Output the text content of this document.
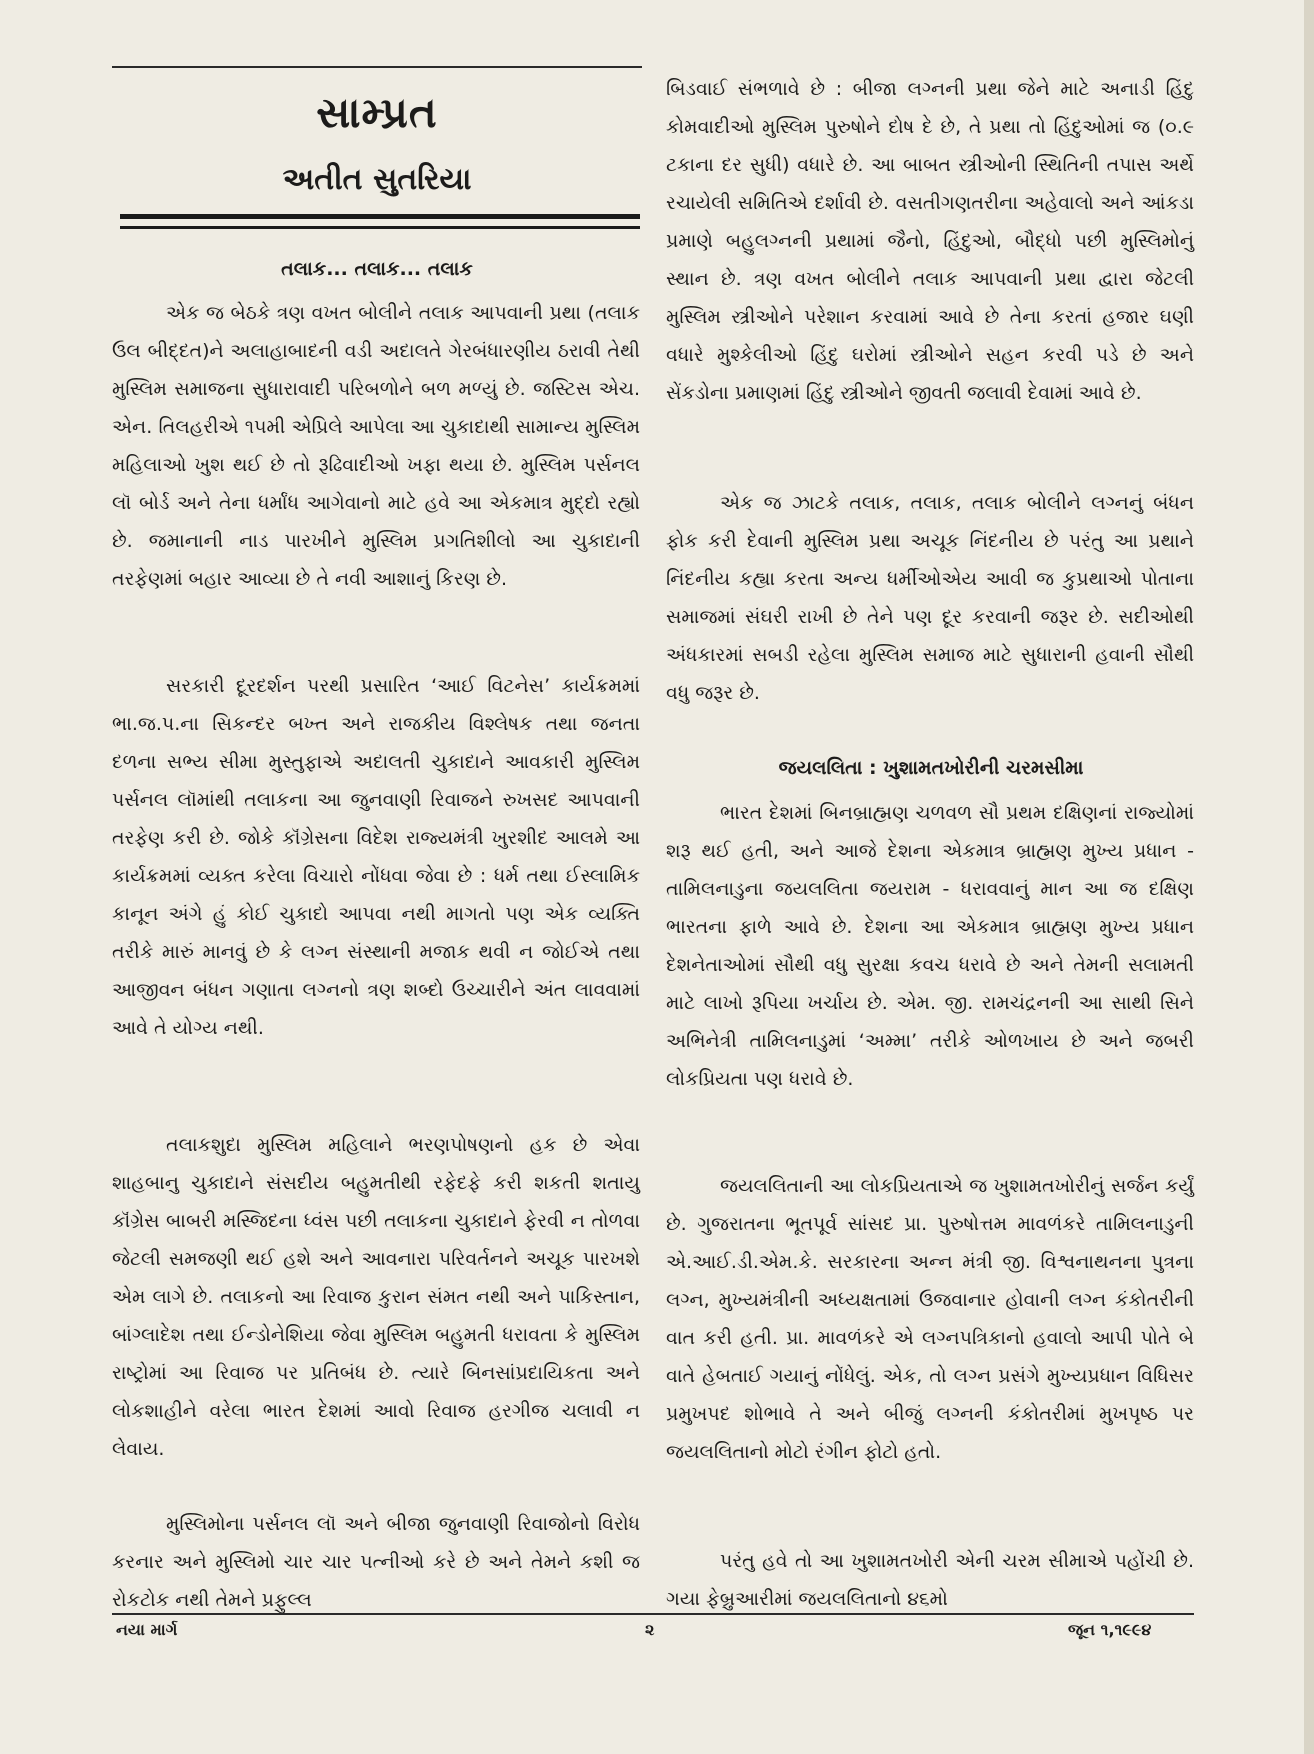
સામ્પ્રત
અતીત સુતરિયા
તલાક... તલાક... તલાક

એક જ બેઠકે ત્રણ વખત બોલીને તલાક આપવાની પ્રથા (તલાક ઉલ બીદ્દત)ને અલાહાબાદની વડી અદાલતે ગેરબંધારણીય ઠરાવી તેથી મુસ્લિમ સમાજના સુધારાવાદી પરિબળોને બળ મળ્યું છે. જસ્ટિસ એચ. એન. તિલહરીએ ૧૫મી એપ્રિલે આપેલા આ ચુકાદાથી સામાન્ય મુસ્લિમ મહિલાઓ ખુશ થઈ છે તો રૂઢિવાદીઓ ખફા થયા છે. મુસ્લિમ પર્સનલ લૉ બોર્ડ અને તેના ધર્માંધ આગેવાનો માટે હવે આ એકમાત્ર મુદ્દો રહ્યો છે. જમાનાની નાડ પારખીને મુસ્લિમ પ્રગતિશીલો આ ચુકાદાની તરફેણમાં બહાર આવ્યા છે તે નવી આશાનું કિરણ છે.

સરકારી દૂરદર્શન પરથી પ્રસારિત ‘આઈ વિટનેસ’ કાર્યક્રમમાં ભા.જ.પ.ના સિકન્દર બખ્ત અને રાજકીય વિશ્લેષક તથા જનતા દળના સભ્ય સીમા મુસ્તુફાએ અદાલતી ચુકાદાને આવકારી મુસ્લિમ પર્સનલ લૉમાંથી તલાકના આ જુનવાણી રિવાજને રુખસદ આપવાની તરફેણ કરી છે. જોકે કૉંગ્રેસના વિદેશ રાજ્યમંત્રી ખુરશીદ આલમે આ કાર્યક્રમમાં વ્યક્ત કરેલા વિચારો નોંધવા જેવા છે : ધર્મ તથા ઈસ્લામિક કાનૂન અંગે હું કોઈ ચુકાદો આપવા નથી માગતો પણ એક વ્યક્તિ તરીકે મારું માનવું છે કે લગ્ન સંસ્થાની મજાક થવી ન જોઈએ તથા આજીવન બંધન ગણાતા લગ્નનો ત્રણ શબ્દો ઉચ્ચારીને અંત લાવવામાં આવે તે યોગ્ય નથી.

તલાકશુદા મુસ્લિમ મહિલાને ભરણપોષણનો હક છે એવા શાહબાનુ ચુકાદાને સંસદીય બહુમતીથી રફેદફે કરી શકતી શતાયુ કૉંગ્રેસ બાબરી મસ્જિદના ધ્વંસ પછી તલાકના ચુકાદાને ફેરવી ન તોળવા જેટલી સમજણી થઈ હશે અને આવનારા પરિવર્તનને અચૂક પારખશે એમ લાગે છે. તલાકનો આ રિવાજ કુરાન સંમત નથી અને પાકિસ્તાન, બાંગ્લાદેશ તથા ઈન્ડોનેશિયા જેવા મુસ્લિમ બહુમતી ધરાવતા કે મુસ્લિમ રાષ્ટ્રોમાં આ રિવાજ પર પ્રતિબંધ છે. ત્યારે બિનસાંપ્રદાયિકતા અને લોકશાહીને વરેલા ભારત દેશમાં આવો રિવાજ હરગીજ ચલાવી ન લેવાય.

મુસ્લિમોના પર્સનલ લૉ અને બીજા જુનવાણી રિવાજોનો વિરોધ કરનાર અને મુસ્લિમો ચાર ચાર પત્નીઓ કરે છે અને તેમને કશી જ રોકટોક નથી તેમને પ્રફુલ્લ

બિડવાઈ સંભળાવે છે : બીજા લગ્નની પ્રથા જેને માટે અનાડી હિંદુ કોમવાદીઓ મુસ્લિમ પુરુષોને દોષ દે છે, તે પ્રથા તો હિંદુઓમાં જ (૦.૯ ટકાના દર સુધી) વધારે છે. આ બાબત સ્ત્રીઓની સ્થિતિની તપાસ અર્થે રચાયેલી સમિતિએ દર્શાવી છે. વસતીગણતરીના અહેવાલો અને આંકડા પ્રમાણે બહુલગ્નની પ્રથામાં જૈનો, હિંદુઓ, બૌદ્ધો પછી મુસ્લિમોનું સ્થાન છે. ત્રણ વખત બોલીને તલાક આપવાની પ્રથા દ્વારા જેટલી મુસ્લિમ સ્ત્રીઓને પરેશાન કરવામાં આવે છે તેના કરતાં હજાર ઘણી વધારે મુશ્કેલીઓ હિંદુ ઘરોમાં સ્ત્રીઓને સહન કરવી પડે છે અને સેંકડોના પ્રમાણમાં હિંદુ સ્ત્રીઓને જીવતી જલાવી દેવામાં આવે છે.

એક જ ઝાટકે તલાક, તલાક, તલાક બોલીને લગ્નનું બંધન ફોક કરી દેવાની મુસ્લિમ પ્રથા અચૂક નિંદનીય છે પરંતુ આ પ્રથાને નિંદનીય કહ્યા કરતા અન્ય ધર્મીઓએય આવી જ કુપ્રથાઓ પોતાના સમાજમાં સંઘરી રાખી છે તેને પણ દૂર કરવાની જરૂર છે. સદીઓથી અંધકારમાં સબડી રહેલા મુસ્લિમ સમાજ માટે સુધારાની હવાની સૌથી વધુ જરૂર છે.

જયલલિતા : ખુશામતખોરીની ચરમસીમા

ભારત દેશમાં બિનબ્રાહ્મણ ચળવળ સૌ પ્રથમ દક્ષિણનાં રાજ્યોમાં શરૂ થઈ હતી, અને આજે દેશના એકમાત્ર બ્રાહ્મણ મુખ્ય પ્રધાન - તામિલનાડુના જયલલિતા જયરામ - ધરાવવાનું માન આ જ દક્ષિણ ભારતના ફાળે આવે છે. દેશના આ એકમાત્ર બ્રાહ્મણ મુખ્ય પ્રધાન દેશનેતાઓમાં સૌથી વધુ સુરક્ષા કવચ ધરાવે છે અને તેમની સલામતી માટે લાખો રૂપિયા ખર્ચાય છે. એમ. જી. રામચંદ્રનની આ સાથી સિને અભિનેત્રી તામિલનાડુમાં ‘અમ્મા’ તરીકે ઓળખાય છે અને જબરી લોકપ્રિયતા પણ ધરાવે છે.

જયલલિતાની આ લોકપ્રિયતાએ જ ખુશામતખોરીનું સર્જન કર્યું છે. ગુજરાતના ભૂતપૂર્વ સાંસદ પ્રા. પુરુષોત્તમ માવળંકરે તામિલનાડુની એ.આઈ.ડી.એમ.કે. સરકારના અન્ન મંત્રી જી. વિશ્વનાથનના પુત્રના લગ્ન, મુખ્યમંત્રીની અધ્યક્ષતામાં ઉજવાનાર હોવાની લગ્ન કંકોતરીની વાત કરી હતી. પ્રા. માવળંકરે એ લગ્નપત્રિકાનો હવાલો આપી પોતે બે વાતે હેબતાઈ ગયાનું નોંધેલું. એક, તો લગ્ન પ્રસંગે મુખ્યપ્રધાન વિધિસર પ્રમુખપદ શોભાવે તે અને બીજું લગ્નની કંકોતરીમાં મુખપૃષ્ઠ પર જયલલિતાનો મોટો રંગીન ફોટો હતો.

પરંતુ હવે તો આ ખુશામતખોરી એની ચરમ સીમાએ પહોંચી છે. ગયા ફેબ્રુઆરીમાં જયલલિતાનો ૪૬મો

નયા માર્ગ	૨	જૂન ૧,૧૯૯૪
